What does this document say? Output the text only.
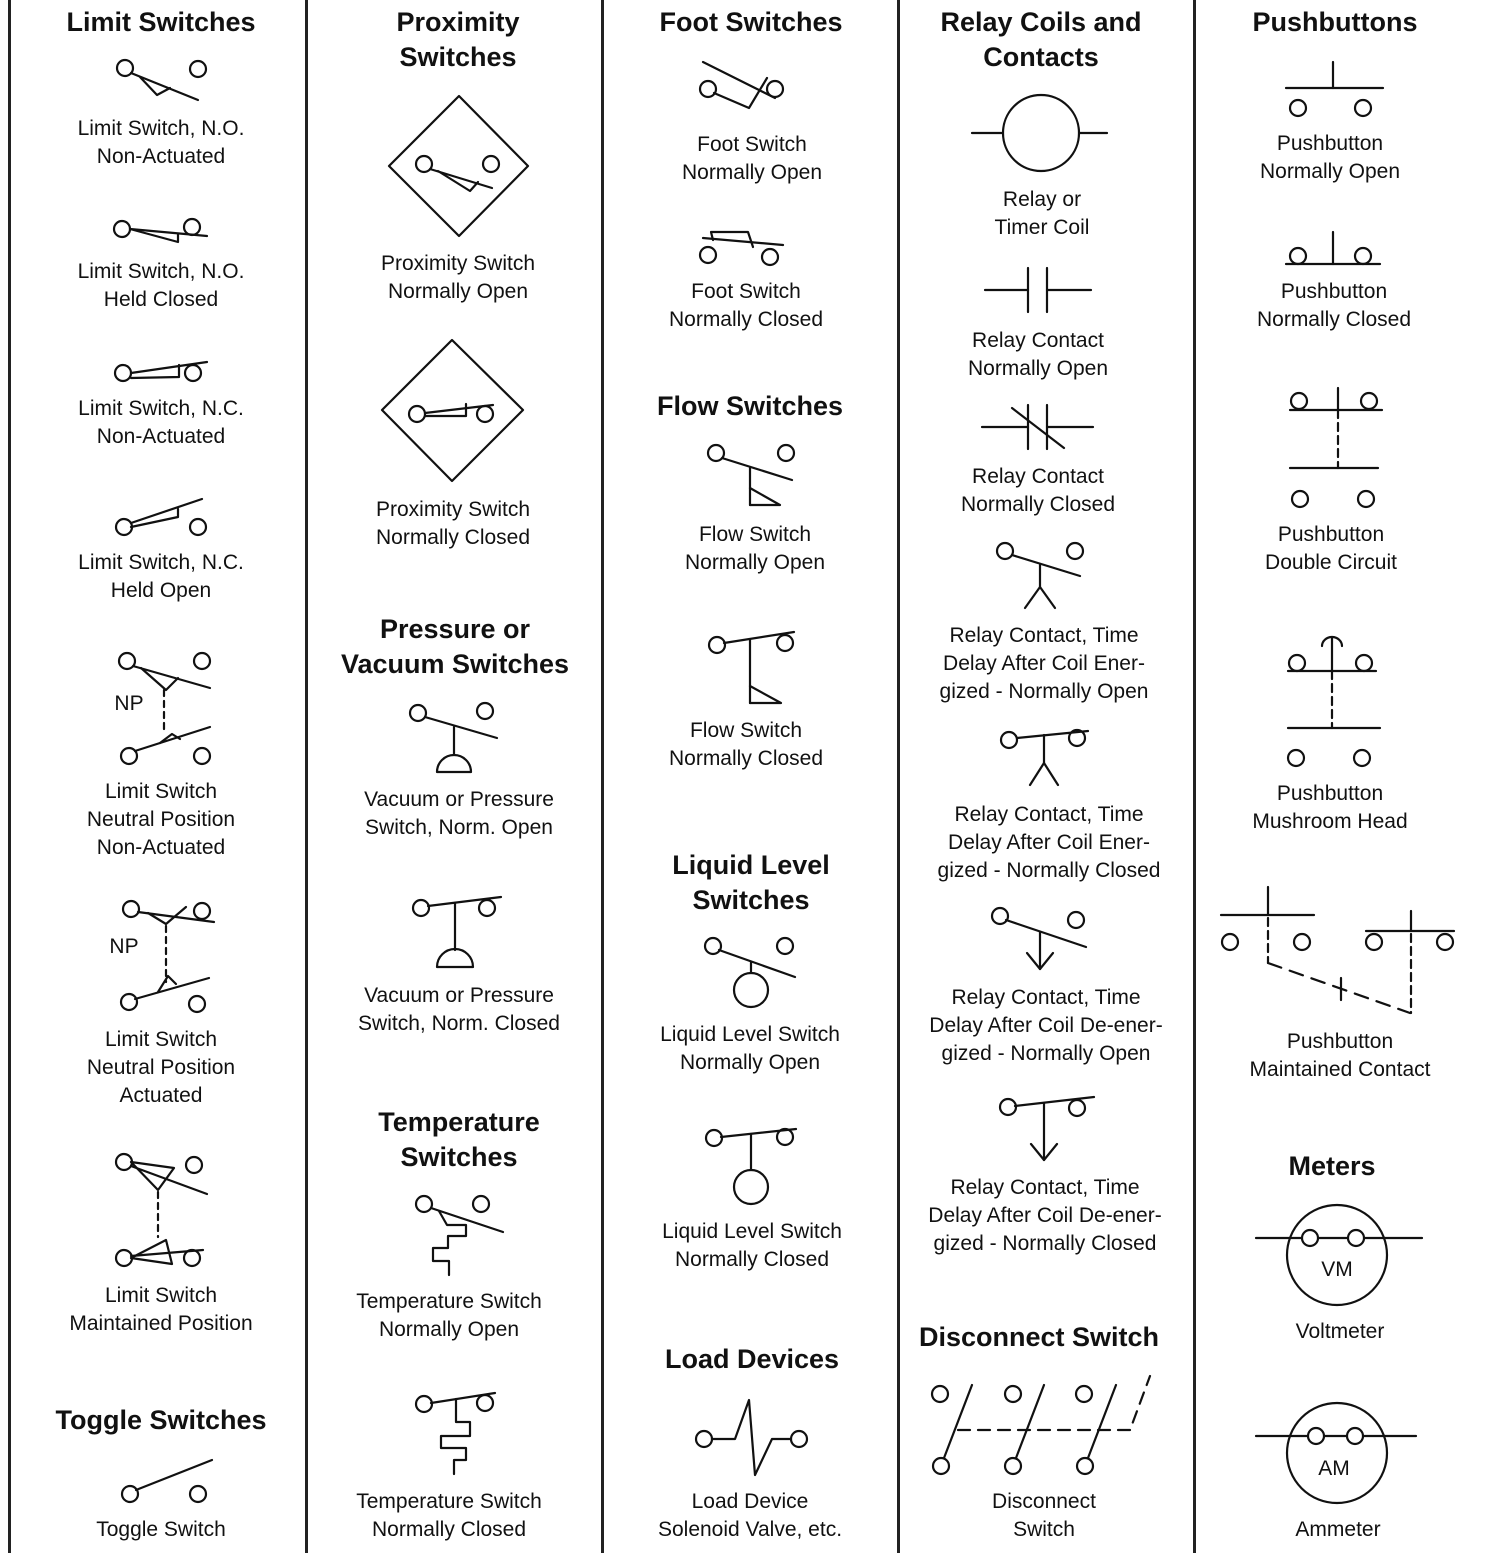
Limit Switches
Limit Switch, N.O.
Non-Actuated
Limit Switch, N.O.
Held Closed
Limit Switch, N.C.
Non-Actuated
Limit Switch, N.C.
Held Open
NP
Limit Switch
Neutral Position
Non-Actuated
NP
Limit Switch
Neutral Position
Actuated
Limit Switch
Maintained Position
Toggle Switches
Toggle Switch
Proximity
Switches
Proximity Switch
Normally Open
Proximity Switch
Normally Closed
Pressure or
Vacuum Switches
Vacuum or Pressure
Switch, Norm. Open
Vacuum or Pressure
Switch, Norm. Closed
Temperature
Switches
Temperature Switch
Normally Open
Temperature Switch
Normally Closed
Foot Switches
Foot Switch
Normally Open
Foot Switch
Normally Closed
Flow Switches
Flow Switch
Normally Open
Flow Switch
Normally Closed
Liquid Level
Switches
Liquid Level Switch
Normally Open
Liquid Level Switch
Normally Closed
Load Devices
Load Device
Solenoid Valve, etc.
Relay Coils and
Contacts
Relay or
Timer Coil
Relay Contact
Normally Open
Relay Contact
Normally Closed
Relay Contact, Time
Delay After Coil Ener-
gized - Normally Open
Relay Contact, Time
Delay After Coil Ener-
gized - Normally Closed
Relay Contact, Time
Delay After Coil De-ener-
gized - Normally Open
Relay Contact, Time
Delay After Coil De-ener-
gized - Normally Closed
Disconnect Switch
Disconnect
Switch
Pushbuttons
Pushbutton
Normally Open
Pushbutton
Normally Closed
Pushbutton
Double Circuit
Pushbutton
Mushroom Head
Pushbutton
Maintained Contact
Meters
VM
Voltmeter
AM
Ammeter
